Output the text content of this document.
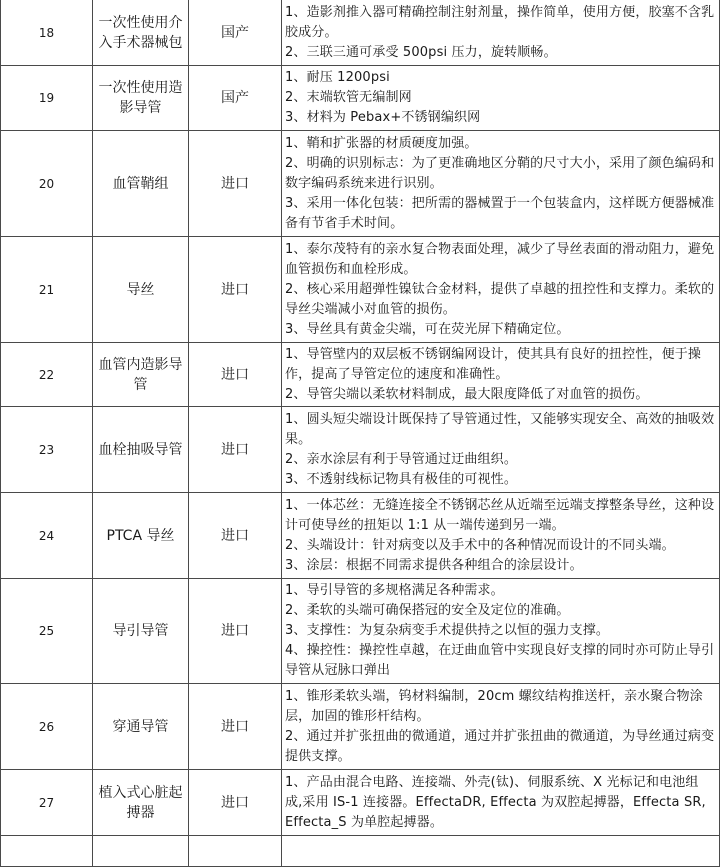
18	一次性使用介入手术器械包	国产	1、造影剂推入器可精确控制注射剂量，操作简单，使用方便，胶塞不含乳胶成分。
2、三联三通可承受 500psi 压力，旋转顺畅。

19	一次性使用造影导管	国产	1、耐压 1200psi
2、末端软管无编制网
3、材料为 Pebax+不锈钢编织网

20	血管鞘组	进口	1、鞘和扩张器的材质硬度加强。
2、明确的识别标志：为了更准确地区分鞘的尺寸大小，采用了颜色编码和数字编码系统来进行识别。
3、采用一体化包装：把所需的器械置于一个包装盒内，这样既方便器械准备有节省手术时间。

21	导丝	进口	1、泰尔茂特有的亲水复合物表面处理，减少了导丝表面的滑动阻力，避免血管损伤和血栓形成。
2、核心采用超弹性镍钛合金材料，提供了卓越的扭控性和支撑力。柔软的导丝尖端减小对血管的损伤。
3、导丝具有黄金尖端，可在荧光屏下精确定位。

22	血管内造影导管	进口	1、导管壁内的双层板不锈钢编网设计，使其具有良好的扭控性，便于操作，提高了导管定位的速度和准确性。
2、导管尖端以柔软材料制成，最大限度降低了对血管的损伤。

23	血栓抽吸导管	进口	1、圆头短尖端设计既保持了导管通过性，又能够实现安全、高效的抽吸效果。
2、亲水涂层有利于导管通过迂曲组织。
3、不透射线标记物具有极佳的可视性。

24	PTCA 导丝	进口	1、一体芯丝：无缝连接全不锈钢芯丝从近端至远端支撑整条导丝，这种设计可使导丝的扭矩以 1:1 从一端传递到另一端。
2、头端设计：针对病变以及手术中的各种情况而设计的不同头端。
3、涂层：根据不同需求提供各种组合的涂层设计。

25	导引导管	进口	1、导引导管的多规格满足各种需求。
2、柔软的头端可确保搭冠的安全及定位的准确。
3、支撑性：为复杂病变手术提供持之以恒的强力支撑。
4、操控性：操控性卓越，在迂曲血管中实现良好支撑的同时亦可防止导引导管从冠脉口弹出

26	穿通导管	进口	1、锥形柔软头端，钨材料编制，20cm 螺纹结构推送杆，亲水聚合物涂层，加固的锥形杆结构。
2、通过并扩张扭曲的微通道，通过并扩张扭曲的微通道，为导丝通过病变提供支撑。

27	植入式心脏起搏器	进口	1、产品由混合电路、连接端、外壳(钛)、伺服系统、X 光标记和电池组成,采用 IS-1 连接器。EffectaDR, Effecta 为双腔起搏器，Effecta SR, Effecta_S 为单腔起搏器。
